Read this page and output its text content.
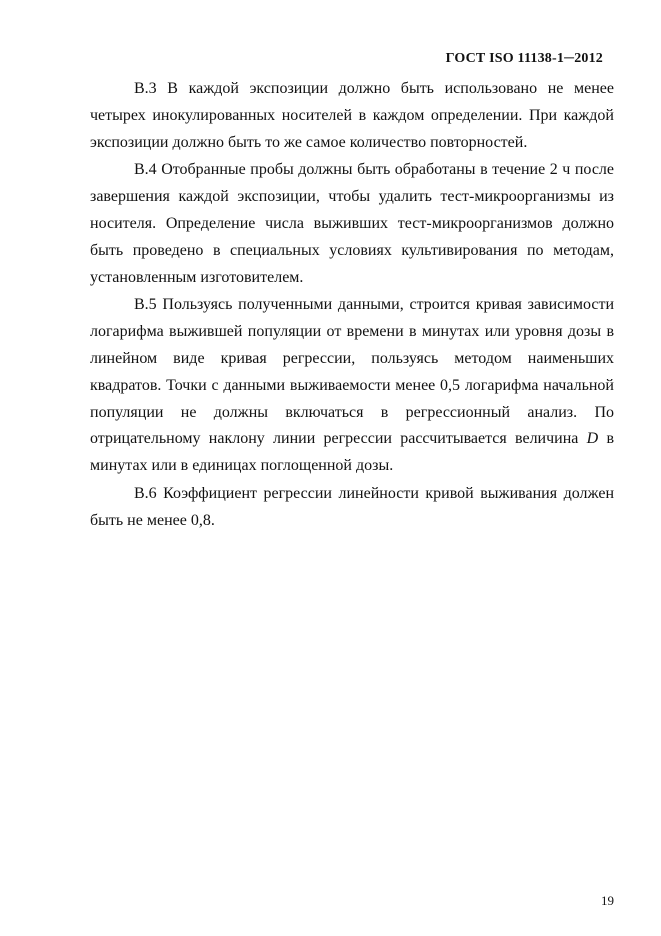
ГОСТ ISO 11138-1─2012

В.3 В каждой экспозиции должно быть использовано не менее четырех инокулированных носителей в каждом определении. При каждой экспозиции должно быть то же самое количество повторностей.

В.4 Отобранные пробы должны быть обработаны в течение 2 ч после завершения каждой экспозиции, чтобы удалить тест-микроорганизмы из носителя. Определение числа выживших тест-микроорганизмов должно быть проведено в специальных условиях культивирования по методам, установленным изготовителем.

В.5 Пользуясь полученными данными, строится кривая зависимости логарифма выжившей популяции от времени в минутах или уровня дозы в линейном виде кривая регрессии, пользуясь методом наименьших квадратов. Точки с данными выживаемости менее 0,5 логарифма начальной популяции не должны включаться в регрессионный анализ. По отрицательному наклону линии регрессии рассчитывается величина D в минутах или в единицах поглощенной дозы.

В.6 Коэффициент регрессии линейности кривой выживания должен быть не менее 0,8.

19
